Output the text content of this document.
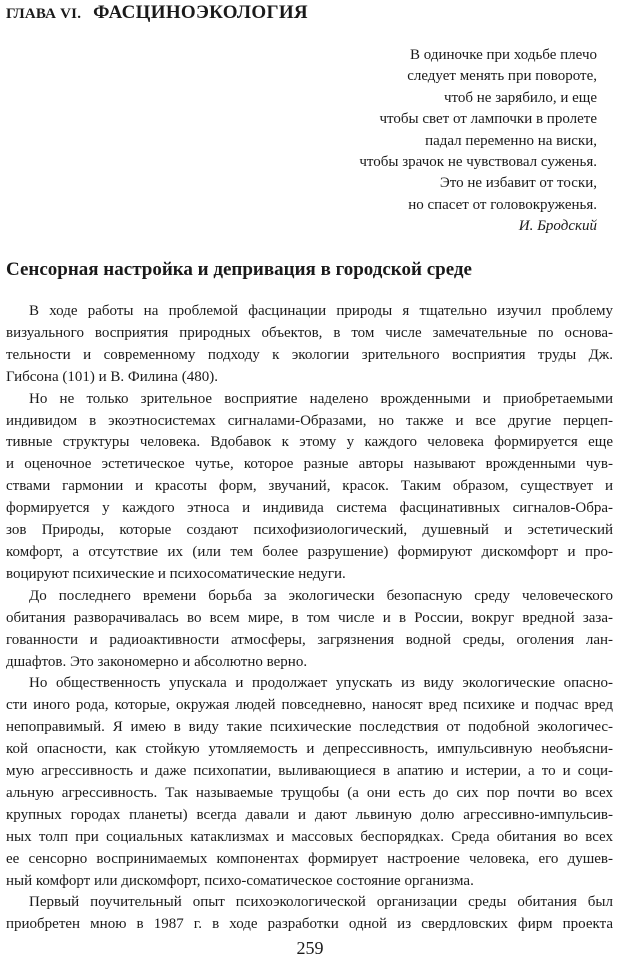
ГЛАВА VI. ФАСЦИНОЭКОЛОГИЯ
В одиночке при ходьбе плечо
следует менять при повороте,
чтоб не зарябило, и еще
чтобы свет от лампочки в пролете
падал переменно на виски,
чтобы зрачок не чувствовал суженья.
Это не избавит от тоски,
но спасет от головокруженья.
И. Бродский
Сенсорная настройка и депривация в городской среде

В ходе работы на проблемой фасцинации природы я тщательно изучил проблему
визуального восприятия природных объектов, в том числе замечательные по основа-
тельности и современному подходу к экологии зрительного восприятия труды Дж.
Гибсона (101) и В. Филина (480).

Но не только зрительное восприятие наделено врожденными и приобретаемыми
индивидом в экоэтносистемах сигналами-Образами, но также и все другие перцеп-
тивные структуры человека. Вдобавок к этому у каждого человека формируется еще
и оценочное эстетическое чутье, которое разные авторы называют врожденными чув-
ствами гармонии и красоты форм, звучаний, красок. Таким образом, существует и
формируется у каждого этноса и индивида система фасцинативных сигналов-Обра-
зов Природы, которые создают психофизиологический, душевный и эстетический
комфорт, а отсутствие их (или тем более разрушение) формируют дискомфорт и про-
воцируют психические и психосоматические недуги.

До последнего времени борьба за экологически безопасную среду человеческого
обитания разворачивалась во всем мире, в том числе и в России, вокруг вредной заза-
гованности и радиоактивности атмосферы, загрязнения водной среды, оголения лан-
дшафтов. Это закономерно и абсолютно верно.

Но общественность упускала и продолжает упускать из виду экологические опасно-
сти иного рода, которые, окружая людей повседневно, наносят вред психике и подчас вред
непоправимый. Я имею в виду такие психические последствия от подобной экологичес-
кой опасности, как стойкую утомляемость и депрессивность, импульсивную необъясни-
мую агрессивность и даже психопатии, выливающиеся в апатию и истерии, а то и соци-
альную агрессивность. Так называемые трущобы (а они есть до сих пор почти во всех
крупных городах планеты) всегда давали и дают львиную долю агрессивно-импульсив-
ных толп при социальных катаклизмах и массовых беспорядках. Среда обитания во всех
ее сенсорно воспринимаемых компонентах формирует настроение человека, его душев-
ный комфорт или дискомфорт, психо-соматическое состояние организма.

Первый поучительный опыт психоэкологической организации среды обитания был
приобретен мною в 1987 г. в ходе разработки одной из свердловских фирм проекта

259
